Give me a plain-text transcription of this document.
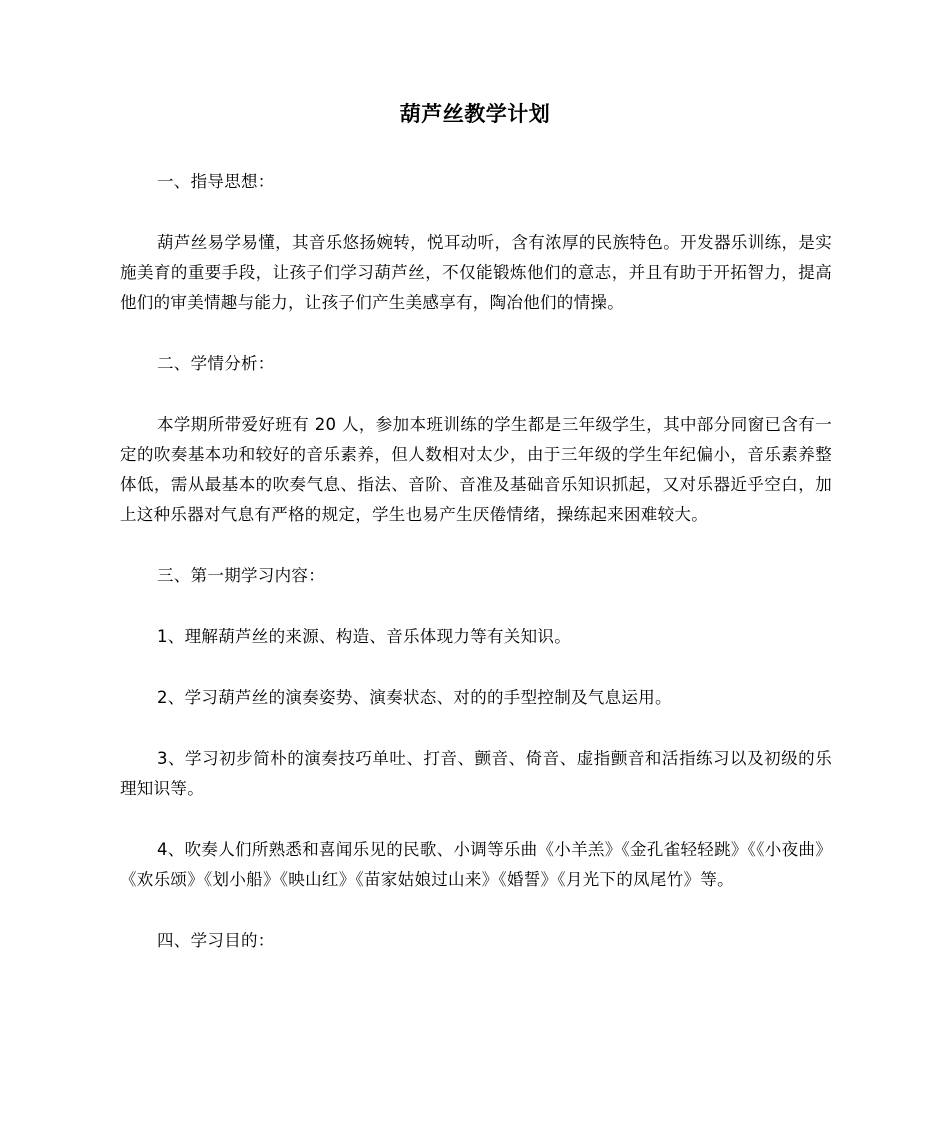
葫芦丝教学计划

一、指导思想：

葫芦丝易学易懂，其音乐悠扬婉转，悦耳动听，含有浓厚的民族特色。开发器乐训练，是实施美育的重要手段，让孩子们学习葫芦丝，不仅能锻炼他们的意志，并且有助于开拓智力，提高他们的审美情趣与能力，让孩子们产生美感享有，陶冶他们的情操。

二、学情分析：

本学期所带爱好班有 20 人，参加本班训练的学生都是三年级学生，其中部分同窗已含有一定的吹奏基本功和较好的音乐素养，但人数相对太少，由于三年级的学生年纪偏小，音乐素养整体低，需从最基本的吹奏气息、指法、音阶、音准及基础音乐知识抓起，又对乐器近乎空白，加上这种乐器对气息有严格的规定，学生也易产生厌倦情绪，操练起来困难较大。

三、第一期学习内容：

1、理解葫芦丝的来源、构造、音乐体现力等有关知识。

2、学习葫芦丝的演奏姿势、演奏状态、对的的手型控制及气息运用。

3、学习初步简朴的演奏技巧单吐、打音、颤音、倚音、虚指颤音和活指练习以及初级的乐理知识等。

4、吹奏人们所熟悉和喜闻乐见的民歌、小调等乐曲《小羊羔》《金孔雀轻轻跳》《《小夜曲》《欢乐颂》《划小船》《映山红》《苗家姑娘过山来》《婚誓》《月光下的凤尾竹》等。

四、学习目的：
